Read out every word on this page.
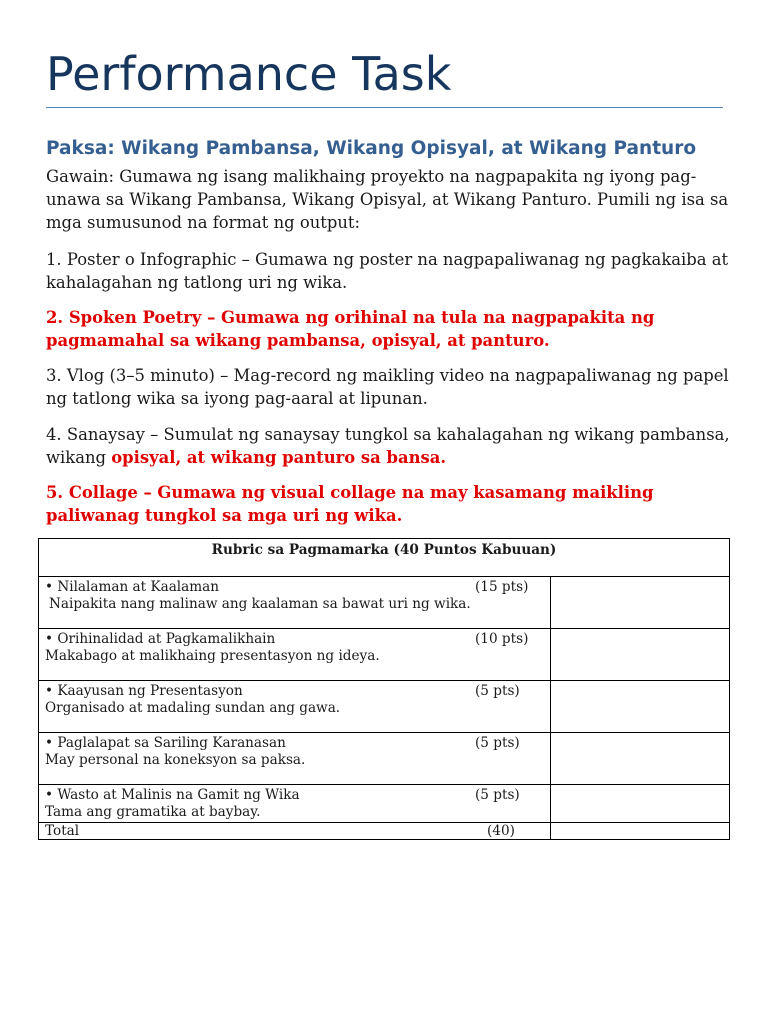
Performance Task
Paksa: Wikang Pambansa, Wikang Opisyal, at Wikang Panturo

Gawain: Gumawa ng isang malikhaing proyekto na nagpapakita ng iyong pag-unawa sa Wikang Pambansa, Wikang Opisyal, at Wikang Panturo. Pumili ng isa sa mga sumusunod na format ng output:

1. Poster o Infographic – Gumawa ng poster na nagpapaliwanag ng pagkakaiba at kahalagahan ng tatlong uri ng wika.

2. Spoken Poetry – Gumawa ng orihinal na tula na nagpapakita ng pagmamahal sa wikang pambansa, opisyal, at panturo.

3. Vlog (3–5 minuto) – Mag-record ng maikling video na nagpapaliwanag ng papel ng tatlong wika sa iyong pag-aaral at lipunan.

4. Sanaysay – Sumulat ng sanaysay tungkol sa kahalagahan ng wikang pambansa, wikang opisyal, at wikang panturo sa bansa.

5. Collage – Gumawa ng visual collage na may kasamang maikling paliwanag tungkol sa mga uri ng wika.

Rubric sa Pagmamarka (40 Puntos Kabuuan)	

• Nilalaman at Kaalaman (15 pts)
Naipakita nang malinaw ang kaalaman sa bawat uri ng wika.	

• Orihinalidad at Pagkamalikhain (10 pts)
Makabago at malikhaing presentasyon ng ideya.	

• Kaayusan ng Presentasyon (5 pts)
Organisado at madaling sundan ang gawa.	

• Paglalapat sa Sariling Karanasan (5 pts)
May personal na koneksyon sa paksa.	

• Wasto at Malinis na Gamit ng Wika (5 pts)
Tama ang gramatika at baybay.	

Total (40)	
